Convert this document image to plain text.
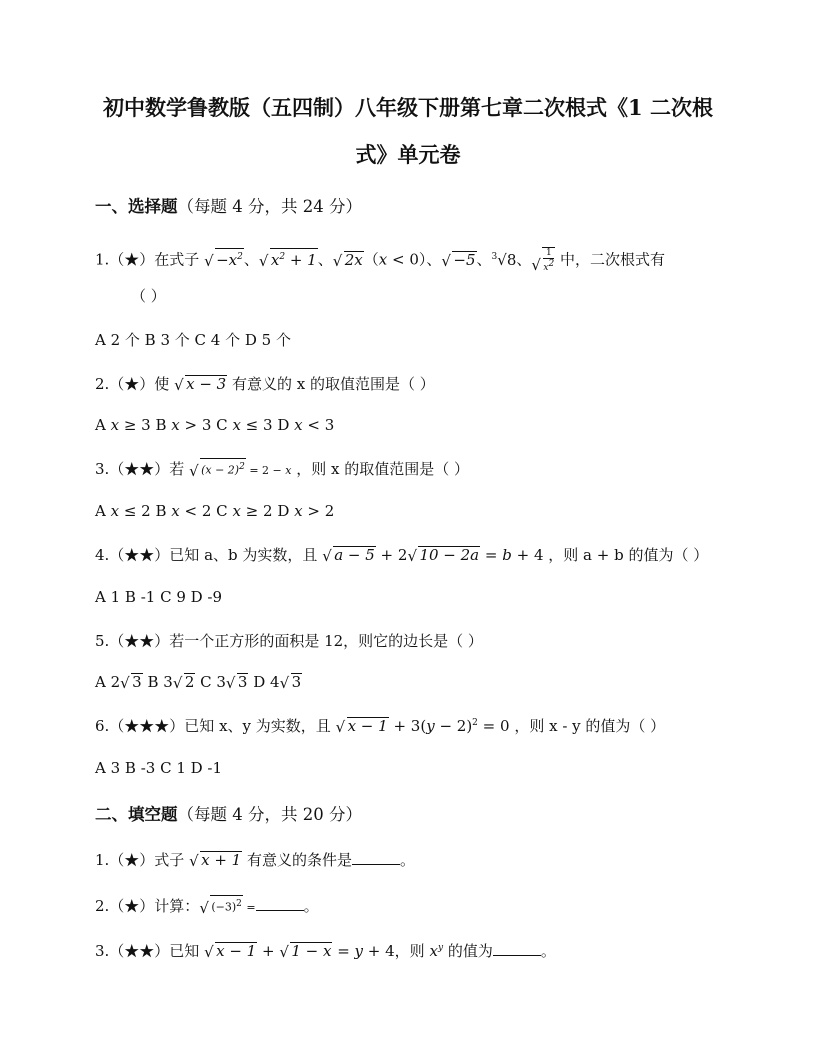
初中数学鲁教版（五四制）八年级下册第七章二次根式《1 二次根
式》单元卷
一、选择题（每题 4 分，共 24 分）
1.（★）在式子 √ $-x^2$、 √ $x^2 + 1$、 √ 2x（x < 0）、 √ −5、$^3$√8、 √ $\frac{1}{x^2}$ 中，二次根式有
（ ）
A 2 个 B 3 个 C 4 个 D 5 个
2.（★）使 √ x − 3 有意义的 x 的取值范围是（ ）
A x ≥ 3 B x > 3 C x ≤ 3 D x < 3
3.（★★）若 √ $(x - 2)^2 = 2 - x$ ，则 x 的取值范围是（ ）
A x ≤ 2 B x < 2 C x ≥ 2 D x > 2
4.（★★）已知 a、b 为实数，且 √ a − 5 + 2 √ 10 − 2a = b + 4 ，则 a + b 的值为（ ）
A 1 B -1 C 9 D -9
5.（★★）若一个正方形的面积是 12，则它的边长是（ ）
A 2 √ 3 B 3 √ 2 C 3 √ 3 D 4 √ 3
6.（★★★）已知 x、y 为实数，且 √ $x - 1 + 3(y - 2)^2 = 0$ ，则 x - y 的值为（ ）
A 3 B -3 C 1 D -1
二、填空题（每题 4 分，共 20 分）
1.（★）式子 √ x + 1 有意义的条件是	。
2.（★）计算： √ $(-3)^2$ =	。
3.（★★）已知 √ x − 1 + √ 1 − x = y + 4，则 $x^y$ 的值为	。
